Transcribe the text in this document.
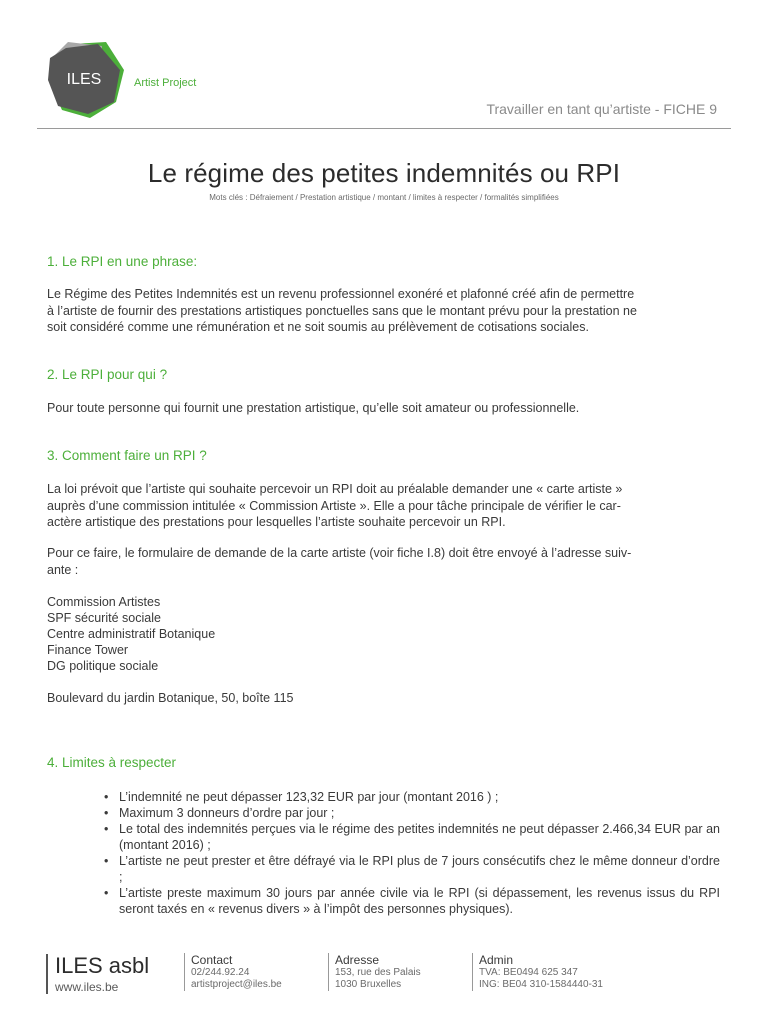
ILES	Artist Project
Travailler en tant qu’artiste - FICHE 9
Le régime des petites indemnités ou RPI
Mots clés : Défraiement / Prestation artistique / montant / limites à respecter / formalités simplifiées
1. Le RPI en une phrase:
Le Régime des Petites Indemnités est un revenu professionnel exonéré et plafonné créé afin de permettre
à l’artiste de fournir des prestations artistiques ponctuelles sans que le montant prévu pour la prestation ne
soit considéré comme une rémunération et ne soit soumis au prélèvement de cotisations sociales.
2. Le RPI pour qui ?
Pour toute personne qui fournit une prestation artistique, qu’elle soit amateur ou professionnelle.
3. Comment faire un RPI ?
La loi prévoit que l’artiste qui souhaite percevoir un RPI doit au préalable demander une « carte artiste »
auprès d’une commission intitulée « Commission Artiste ». Elle a pour tâche principale de vérifier le car-
actère artistique des prestations pour lesquelles l’artiste souhaite percevoir un RPI.
Pour ce faire, le formulaire de demande de la carte artiste (voir fiche I.8) doit être envoyé à l’adresse suiv-
ante :
Commission Artistes
SPF sécurité sociale
Centre administratif Botanique
Finance Tower
DG politique sociale
Boulevard du jardin Botanique, 50, boîte 115
4. Limites à respecter
• L’indemnité ne peut dépasser 123,32 EUR par jour (montant 2016 ) ;
• Maximum 3 donneurs d’ordre par jour ;
• Le total des indemnités perçues via le régime des petites indemnités ne peut dépasser 2.466,34 EUR par an (montant 2016) ;
• L’artiste ne peut prester et être défrayé via le RPI plus de 7 jours consécutifs chez le même donneur d’ordre ;
• L’artiste preste maximum 30 jours par année civile via le RPI (si dépassement, les revenus issus du RPI seront taxés en « revenus divers » à l’impôt des personnes physiques).
ILES asbl
www.iles.be
Contact
02/244.92.24
artistproject@iles.be
Adresse
153, rue des Palais
1030 Bruxelles
Admin
TVA: BE0494 625 347
ING: BE04 310-1584440-31
